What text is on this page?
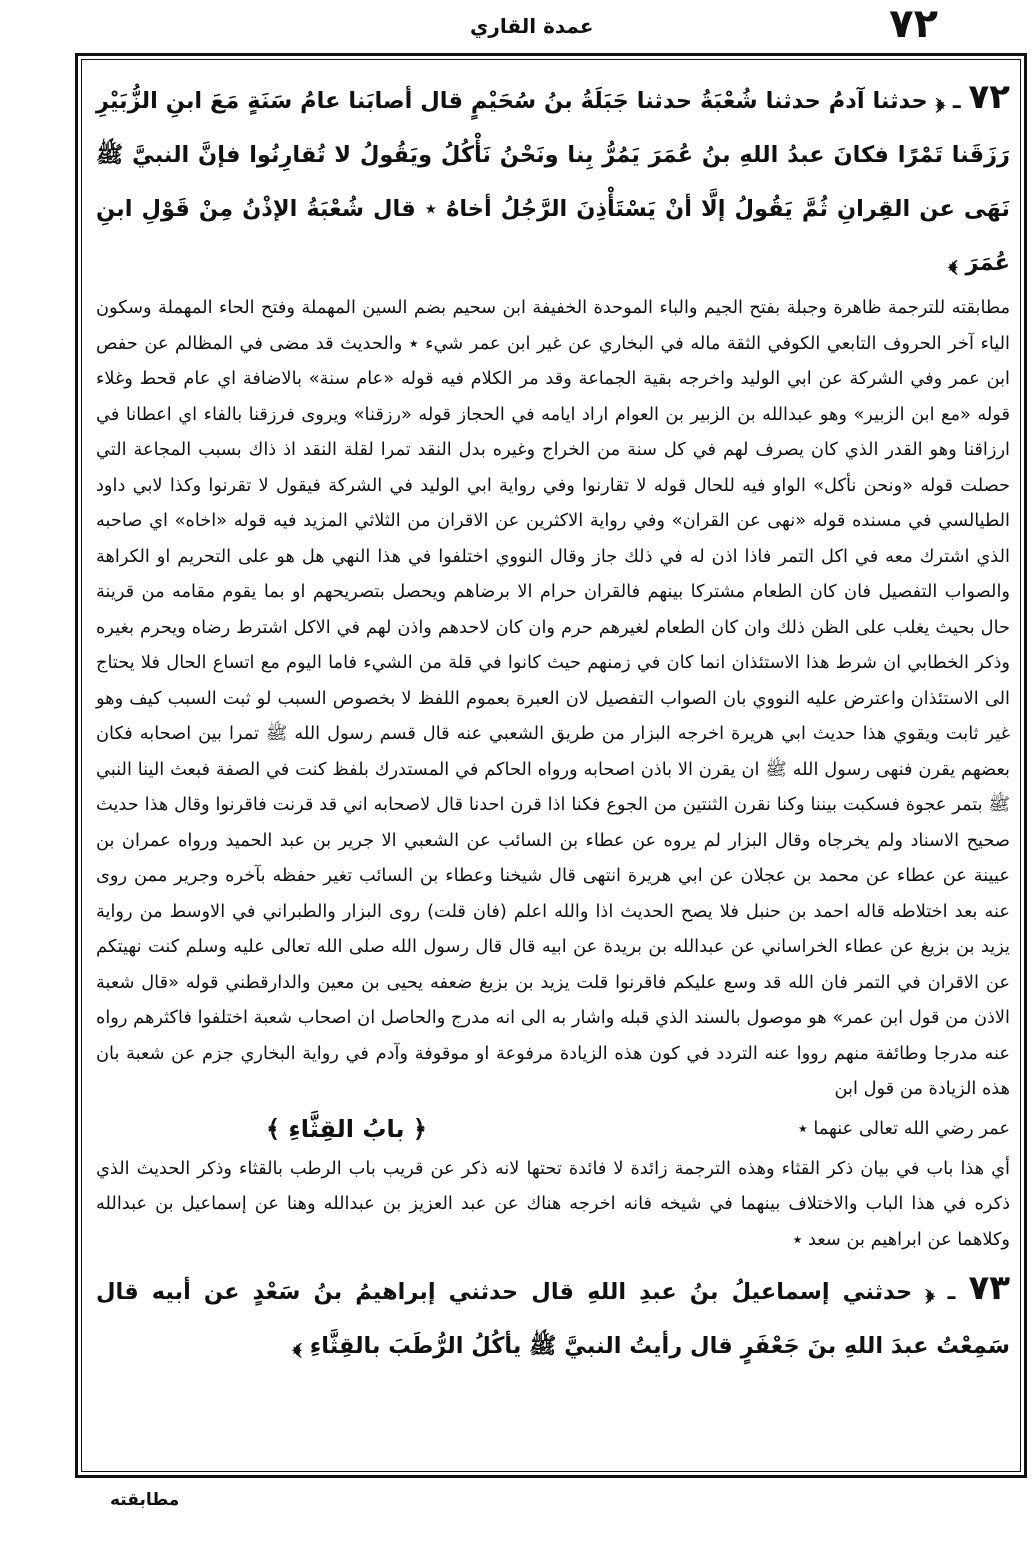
٧٢
عمدة القاري

٧٢ ـ ﴿ حدثنا آدمُ حدثنا شُعْبَةُ حدثنا جَبَلَةُ بنُ سُحَيْمٍ قال أصابَنا عامُ سَنَةٍ مَعَ ابنِ الزُّبَيْرِ رَزَقَنا تَمْرًا فكانَ عبدُ اللهِ بنُ عُمَرَ يَمُرُّ بِنا ونَحْنُ نَأْكُلُ ويَقُولُ لا تُقارِنُوا فإنَّ النبيَّ ﷺ نَهَى عن القِرانِ ثُمَّ يَقُولُ إلَّا أنْ يَسْتَأْذِنَ الرَّجُلُ أخاهُ ٭ قال شُعْبَةُ الإذْنُ مِنْ قَوْلِ ابنِ عُمَرَ ﴾

مطابقته للترجمة ظاهرة وجبلة بفتح الجيم والباء الموحدة الخفيفة ابن سحيم بضم السين المهملة وفتح الحاء المهملة وسكون الياء آخر الحروف التابعي الكوفي الثقة ماله في البخاري عن غير ابن عمر شيء ٭ والحديث قد مضى في المظالم عن حفص ابن عمر وفي الشركة عن ابي الوليد واخرجه بقية الجماعة وقد مر الكلام فيه قوله «عام سنة» بالاضافة اي عام قحط وغلاء قوله «مع ابن الزبير» وهو عبدالله بن الزبير بن العوام اراد ايامه في الحجاز قوله «رزقنا» ويروى فرزقنا بالفاء اي اعطانا في ارزاقنا وهو القدر الذي كان يصرف لهم في كل سنة من الخراج وغيره بدل النقد تمرا لقلة النقد اذ ذاك بسبب المجاعة التي حصلت قوله «ونحن نأكل» الواو فيه للحال قوله لا تقارنوا وفي رواية ابي الوليد في الشركة فيقول لا تقرنوا وكذا لابي داود الطيالسي في مسنده قوله «نهى عن القران» وفي رواية الاكثرين عن الاقران من الثلاثي المزيد فيه قوله «اخاه» اي صاحبه الذي اشترك معه في اكل التمر فاذا اذن له في ذلك جاز وقال النووي اختلفوا في هذا النهي هل هو على التحريم او الكراهة والصواب التفصيل فان كان الطعام مشتركا بينهم فالقران حرام الا برضاهم ويحصل بتصريحهم او بما يقوم مقامه من قرينة حال بحيث يغلب على الظن ذلك وان كان الطعام لغيرهم حرم وان كان لاحدهم واذن لهم في الاكل اشترط رضاه ويحرم بغيره وذكر الخطابي ان شرط هذا الاستئذان انما كان في زمنهم حيث كانوا في قلة من الشيء فاما اليوم مع اتساع الحال فلا يحتاج الى الاستئذان واعترض عليه النووي بان الصواب التفصيل لان العبرة بعموم اللفظ لا بخصوص السبب لو ثبت السبب كيف وهو غير ثابت ويقوي هذا حديث ابي هريرة اخرجه البزار من طريق الشعبي عنه قال قسم رسول الله ﷺ تمرا بين اصحابه فكان بعضهم يقرن فنهى رسول الله ﷺ ان يقرن الا باذن اصحابه ورواه الحاكم في المستدرك بلفظ كنت في الصفة فبعث الينا النبي ﷺ بتمر عجوة فسكبت بيننا وكنا نقرن الثنتين من الجوع فكنا اذا قرن احدنا قال لاصحابه اني قد قرنت فاقرنوا وقال هذا حديث صحيح الاسناد ولم يخرجاه وقال البزار لم يروه عن عطاء بن السائب عن الشعبي الا جرير بن عبد الحميد ورواه عمران بن عيينة عن عطاء عن محمد بن عجلان عن ابي هريرة انتهى قال شيخنا وعطاء بن السائب تغير حفظه بآخره وجرير ممن روى عنه بعد اختلاطه قاله احمد بن حنبل فلا يصح الحديث اذا والله اعلم (فان قلت) روى البزار والطبراني في الاوسط من رواية يزيد بن بزيغ عن عطاء الخراساني عن عبدالله بن بريدة عن ابيه قال قال رسول الله صلى الله تعالى عليه وسلم كنت نهيتكم عن الاقران في التمر فان الله قد وسع عليكم فاقرنوا قلت يزيد بن بزيغ ضعفه يحيى بن معين والدارقطني قوله «قال شعبة الاذن من قول ابن عمر» هو موصول بالسند الذي قبله واشار به الى انه مدرج والحاصل ان اصحاب شعبة اختلفوا فاكثرهم رواه عنه مدرجا وطائفة منهم رووا عنه التردد في كون هذه الزيادة مرفوعة او موقوفة وآدم في رواية البخاري جزم عن شعبة بان هذه الزيادة من قول ابن

عمر رضي الله تعالى عنهما ٭
﴿ بابُ القِثَّاءِ ﴾

أي هذا باب في بيان ذكر القثاء وهذه الترجمة زائدة لا فائدة تحتها لانه ذكر عن قريب باب الرطب بالقثاء وذكر الحديث الذي ذكره في هذا الباب والاختلاف بينهما في شيخه فانه اخرجه هناك عن عبد العزيز بن عبدالله وهنا عن إسماعيل بن عبدالله وكلاهما عن ابراهيم بن سعد ٭

٧٣ ـ ﴿ حدثني إسماعيلُ بنُ عبدِ اللهِ قال حدثني إبراهيمُ بنُ سَعْدٍ عن أبيه قال سَمِعْتُ عبدَ اللهِ بنَ جَعْفَرٍ قال رأيتُ النبيَّ ﷺ يأكُلُ الرُّطَبَ بالقِثَّاءِ ﴾

مطابقته
